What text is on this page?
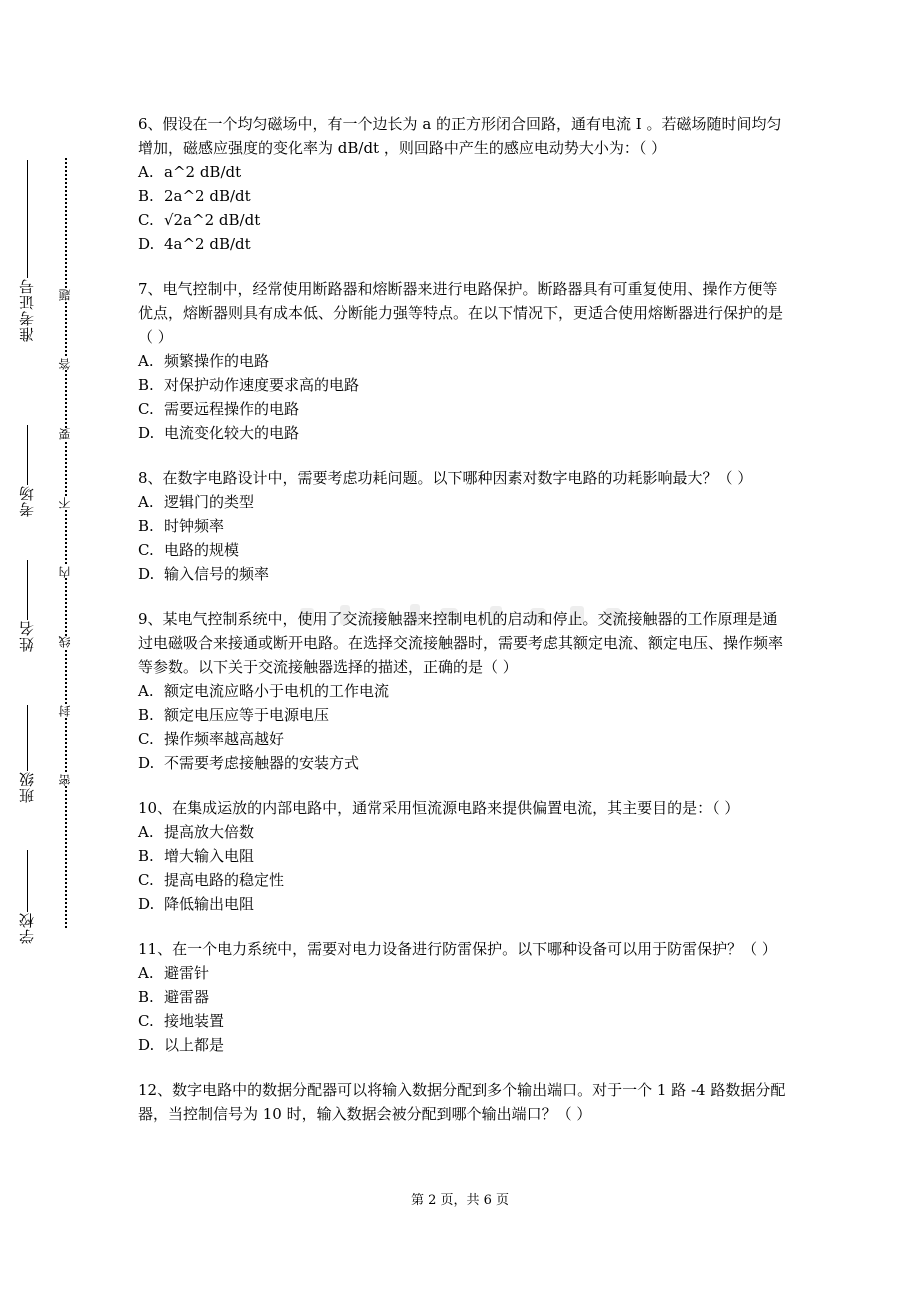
准考证号
考场
姓名
班级
学校
题
答
要
不
内
线
封
密

6、假设在一个均匀磁场中，有一个边长为 a 的正方形闭合回路，通有电流 I 。若磁场随时间均匀增加，磁感应强度的变化率为 dB/dt ，则回路中产生的感应电动势大小为：（ ）

A. a^2 dB/dt
B. 2a^2 dB/dt
C. √2a^2 dB/dt
D. 4a^2 dB/dt

7、电气控制中，经常使用断路器和熔断器来进行电路保护。断路器具有可重复使用、操作方便等优点，熔断器则具有成本低、分断能力强等特点。在以下情况下，更适合使用熔断器进行保护的是（ ）

A. 频繁操作的电路
B. 对保护动作速度要求高的电路
C. 需要远程操作的电路
D. 电流变化较大的电路

8、在数字电路设计中，需要考虑功耗问题。以下哪种因素对数字电路的功耗影响最大？（ ）

A. 逻辑门的类型
B. 时钟频率
C. 电路的规模
D. 输入信号的频率

9、某电气控制系统中，使用了交流接触器来控制电机的启动和停止。交流接触器的工作原理是通过电磁吸合来接通或断开电路。在选择交流接触器时，需要考虑其额定电流、额定电压、操作频率等参数。以下关于交流接触器选择的描述，正确的是（ ）

A. 额定电流应略小于电机的工作电流
B. 额定电压应等于电源电压
C. 操作频率越高越好
D. 不需要考虑接触器的安装方式

10、在集成运放的内部电路中，通常采用恒流源电路来提供偏置电流，其主要目的是：（ ）

A. 提高放大倍数
B. 增大输入电阻
C. 提高电路的稳定性
D. 降低输出电阻

11、在一个电力系统中，需要对电力设备进行防雷保护。以下哪种设备可以用于防雷保护？（ ）

A. 避雷针
B. 避雷器
C. 接地装置
D. 以上都是

12、数字电路中的数据分配器可以将输入数据分配到多个输出端口。对于一个 1 路 -4 路数据分配器，当控制信号为 10 时，输入数据会被分配到哪个输出端口？（ ）

第 2 页，共 6 页
